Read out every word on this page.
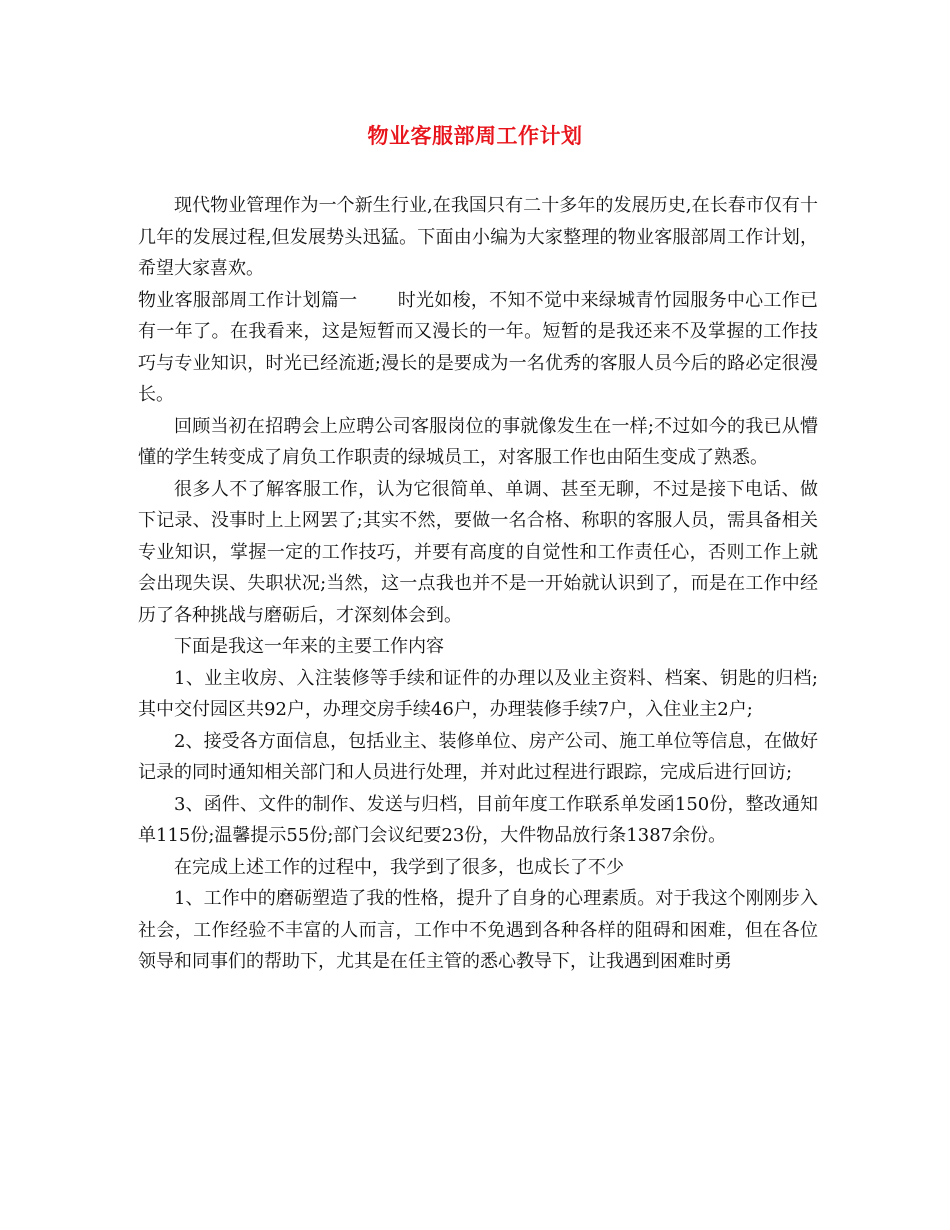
物业客服部周工作计划

现代物业管理作为一个新生行业,在我国只有二十多年的发展历史,在长春市仅有十几年的发展过程,但发展势头迅猛。下面由小编为大家整理的物业客服部周工作计划，希望大家喜欢。

物业客服部周工作计划篇一 时光如梭，不知不觉中来绿城青竹园服务中心工作已有一年了。在我看来，这是短暂而又漫长的一年。短暂的是我还来不及掌握的工作技巧与专业知识，时光已经流逝;漫长的是要成为一名优秀的客服人员今后的路必定很漫长。

回顾当初在招聘会上应聘公司客服岗位的事就像发生在一样;不过如今的我已从懵懂的学生转变成了肩负工作职责的绿城员工，对客服工作也由陌生变成了熟悉。

很多人不了解客服工作，认为它很简单、单调、甚至无聊，不过是接下电话、做下记录、没事时上上网罢了;其实不然，要做一名合格、称职的客服人员，需具备相关专业知识，掌握一定的工作技巧，并要有高度的自觉性和工作责任心，否则工作上就会出现失误、失职状况;当然，这一点我也并不是一开始就认识到了，而是在工作中经历了各种挑战与磨砺后，才深刻体会到。

下面是我这一年来的主要工作内容

1、业主收房、入注装修等手续和证件的办理以及业主资料、档案、钥匙的归档;其中交付园区共92户，办理交房手续46户，办理装修手续7户，入住业主2户;

2、接受各方面信息，包括业主、装修单位、房产公司、施工单位等信息，在做好记录的同时通知相关部门和人员进行处理，并对此过程进行跟踪，完成后进行回访;

3、函件、文件的制作、发送与归档，目前年度工作联系单发函150份，整改通知单115份;温馨提示55份;部门会议纪要23份，大件物品放行条1387余份。

在完成上述工作的过程中，我学到了很多，也成长了不少

1、工作中的磨砺塑造了我的性格，提升了自身的心理素质。对于我这个刚刚步入社会，工作经验不丰富的人而言，工作中不免遇到各种各样的阻碍和困难，但在各位领导和同事们的帮助下，尤其是在任主管的悉心教导下，让我遇到困难时勇
